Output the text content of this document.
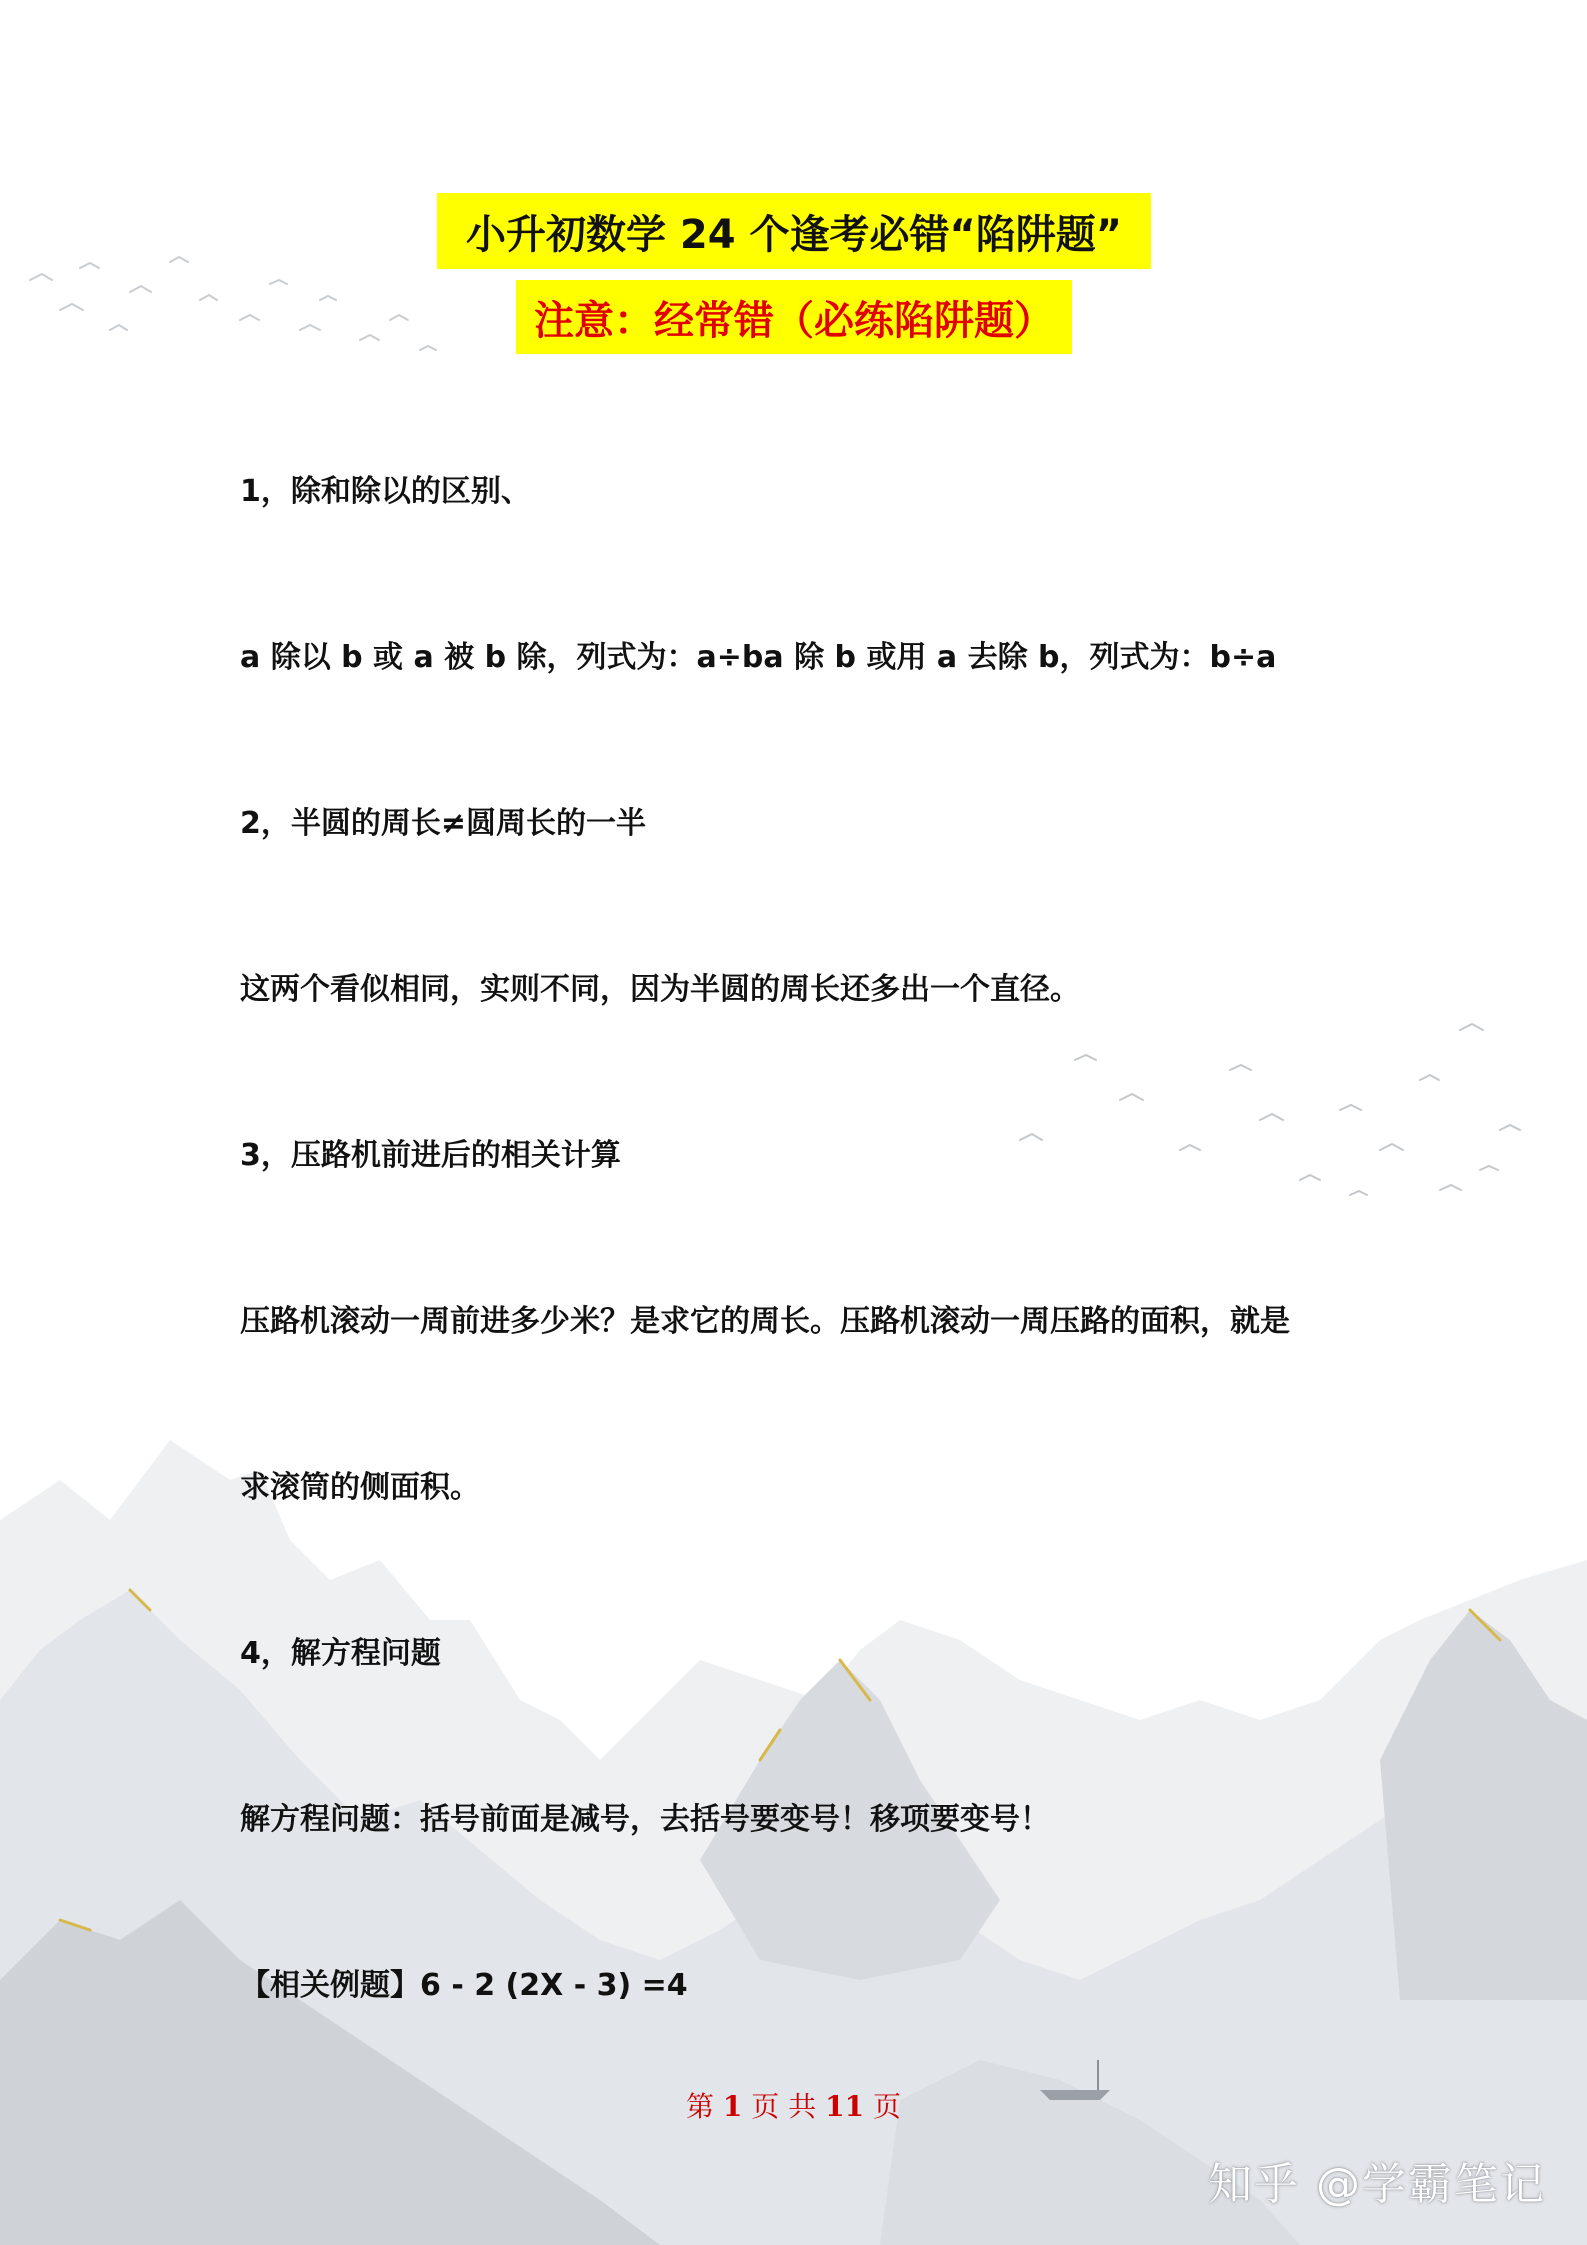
小升初数学 24 个逢考必错“陷阱题”
注意：经常错（必练陷阱题）
1，除和除以的区别、
a 除以 b 或 a 被 b 除，列式为：a÷ba 除 b 或用 a 去除 b，列式为：b÷a
2，半圆的周长≠圆周长的一半
这两个看似相同，实则不同，因为半圆的周长还多出一个直径。
3，压路机前进后的相关计算
压路机滚动一周前进多少米？是求它的周长。压路机滚动一周压路的面积，就是
求滚筒的侧面积。
4，解方程问题
解方程问题：括号前面是减号，去括号要变号！移项要变号！
【相关例题】6 - 2 (2X - 3) =4
第 1 页 共 11 页
知乎 @学霸笔记
